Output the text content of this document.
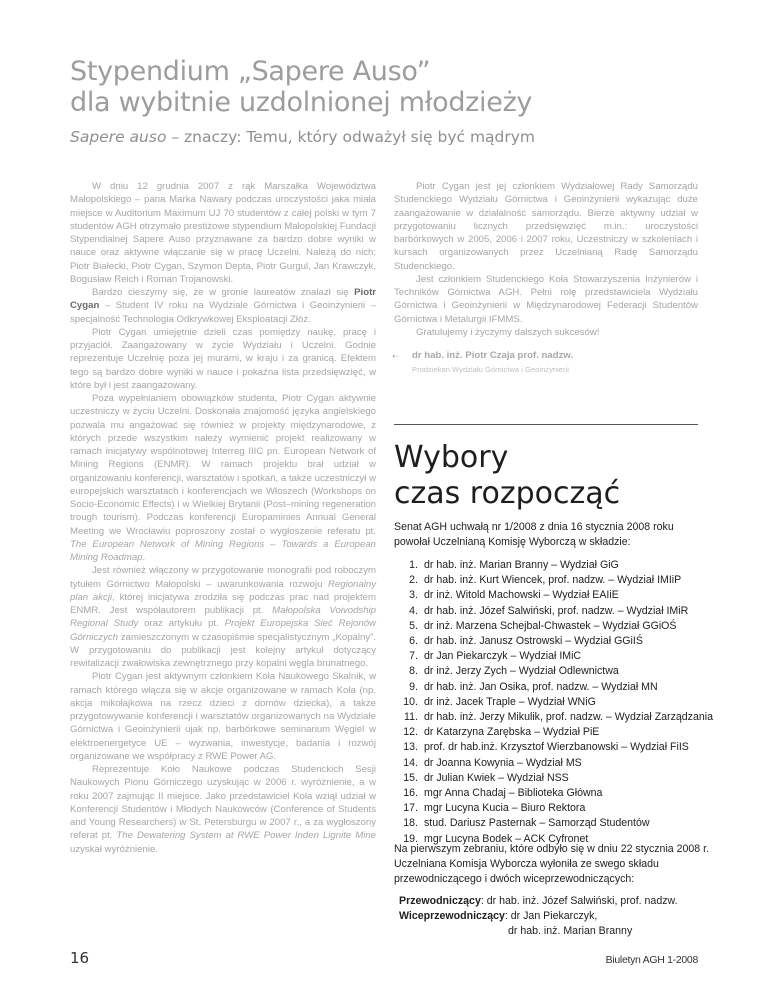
Stypendium „Sapere Auso”
dla wybitnie uzdolnionej młodzieży
Sapere auso – znaczy: Temu, który odważył się być mądrym

W dniu 12 grudnia 2007 z rąk Marszałka Województwa Małopolskiego – pana Marka Nawary podczas uroczystości jaka miała miejsce w Auditorium Maximum UJ 70 studentów z całej polski w tym 7 studentów AGH otrzymało prestiżowe stypendium Małopolskiej Fundacji Stypendialnej Sapere Auso przyznawane za bardzo dobre wyniki w nauce oraz aktywne włączanie się w pracę Uczelni. Należą do nich: Piotr Białecki, Piotr Cygan, Szymon Depta, Piotr Gurgul, Jan Krawczyk, Bogusław Reich i Roman Trojanowski.

Bardzo cieszymy się, że w gronie laureatów znalazł się Piotr Cygan – Student IV roku na Wydziale Górnictwa i Geoinżynierii – specjalność Technologia Odkrywkowej Eksploatacji Złóż.

Piotr Cygan umiejętnie dzieli czas pomiędzy naukę, pracę i przyjaciół. Zaangażowany w życie Wydziału i Uczelni. Godnie reprezentuje Uczelnię poza jej murami, w kraju i za granicą. Efektem tego są bardzo dobre wyniki w nauce i pokaźna lista przedsięwzięć, w które był i jest zaangażowany.

Poza wypełnianiem obowiązków studenta, Piotr Cygan aktywnie uczestniczy w życiu Uczelni. Doskonała znajomość języka angielskiego pozwala mu angażować się również w projekty międzynarodowe, z których przede wszystkim należy wymienić projekt realizowany w ramach inicjatywy wspólnotowej Interreg IIIC pn. European Network of Mining Regions (ENMR). W ramach projektu brał udział w organizowaniu konferencji, warsztatów i spotkań, a także uczestniczył w europejskich warsztatach i konferencjach we Włoszech (Workshops on Socio-Economic Effects) i w Wielkiej Brytanii (Post–mining regeneration trough tourism). Podczas konferencji Europaminies Annual General Meeting we Wrocławiu poproszony został o wygłoszenie referatu pt. The European Network of Mining Regions – Towards a European Mining Roadmap.

Jest również włączony w przygotowanie monografii pod roboczym tytułem Górnictwo Małopolski – uwarunkowania rozwoju Regionalny plan akcji, której inicjatywa zrodziła się podczas prac nad projektem ENMR. Jest współautorem publikacji pt. Małopolska Voivodship Regional Study oraz artykułu pt. Projekt Europejska Sieć Rejonów Górniczych zamieszczonym w czasopiśmie specjalistycznym „Kopalny”. W przygotowaniu do publikacji jest kolejny artykuł dotyczący rewitalizacji zwałowiska zewnętrznego przy kopalni węgla brunatnego.

Piotr Cygan jest aktywnym członkiem Koła Naukowego Skalnik, w ramach którego włącza się w akcje organizowane w ramach Koła (np. akcja mikołajkowa na rzecz dzieci z domów dziecka), a także przygotowywanie konferencji i warsztatów organizowanych na Wydziale Górnictwa i Geoinżynierii ujak np. barbórkowe seminarium Węgiel w elektroenergetyce UE – wyzwania, inwestycje, badania i rozwój organizowane we współpracy z RWE Power AG.

Reprezentuje Koło Naukowe podczas Studenckich Sesji Naukowych Pionu Górniczego uzyskując w 2006 r. wyróżnienie, a w roku 2007 zajmując II miejsce. Jako przedstawiciel Koła wziął udział w Konferencji Studentów i Młodych Naukowców (Conference of Students and Young Researchers) w St. Petersburgu w 2007 r., a za wygłoszony referat pt. The Dewatering System at RWE Power Inden Lignite Mine uzyskał wyróżnienie.

Piotr Cygan jest jej członkiem Wydziałowej Rady Samorządu Studenckiego Wydziału Górnictwa i Geoinżynierii wykazując duże zaangażowanie w działalność samorządu. Bierze aktywny udział w przygotowaniu licznych przedsięwzięć m.in.: uroczystości barbórkowych w 2005, 2006 i 2007 roku, Uczestniczy w szkoleniach i kursach organizowanych przez Uczelnianą Radę Samorządu Studenckiego.

Jest członkiem Studenckiego Koła Stowarzyszenia Inżynierów i Techników Górnictwa AGH. Pełni rolę przedstawiciela Wydziału Górnictwa i Geoinżynierii w Międzynarodowej Federacji Studentów Górnictwa i Metalurgii IFMMS.

Gratulujemy i życzymy dalszych sukcesów!

⇠ dr hab. inż. Piotr Czaja prof. nadzw.
Prodziekan Wydziału Górnictwa i Geoinżynierii
Wybory
czas rozpocząć
Senat AGH uchwałą nr 1/2008 z dnia 16 stycznia 2008 roku powołał Uczelnianą Komisję Wyborczą w składzie:
1. dr hab. inż. Marian Branny – Wydział GiG
2. dr hab. inż. Kurt Wiencek, prof. nadzw. – Wydział IMIiP
3. dr inż. Witold Machowski – Wydział EAIiE
4. dr hab. inż. Józef Salwiński, prof. nadzw. – Wydział IMiR
5. dr inż. Marzena Schejbal-Chwastek – Wydział GGiOŚ
6. dr hab. inż. Janusz Ostrowski – Wydział GGiIŚ
7. dr Jan Piekarczyk – Wydział IMiC
8. dr inż. Jerzy Zych – Wydział Odlewnictwa
9. dr hab. inż. Jan Osika, prof. nadzw. – Wydział MN
10. dr inż. Jacek Traple – Wydział WNiG
11. dr hab. inż. Jerzy Mikulik, prof. nadzw. – Wydział Zarządzania
12. dr Katarzyna Zarębska – Wydział PiE
13. prof. dr hab.inż. Krzysztof Wierzbanowski – Wydział FiIS
14. dr Joanna Kowynia – Wydział MS
15. dr Julian Kwiek – Wydział NSS
16. mgr Anna Chadaj – Biblioteka Główna
17. mgr Lucyna Kucia – Biuro Rektora
18. stud. Dariusz Pasternak – Samorząd Studentów
19. mgr Lucyna Bodek – ACK Cyfronet
Na pierwszym zebraniu, które odbyło się w dniu 22 stycznia 2008 r. Uczelniana Komisja Wyborcza wyłoniła ze swego składu przewodniczącego i dwóch wiceprzewodniczących:
Przewodniczący: dr hab. inż. Józef Salwiński, prof. nadzw.
Wiceprzewodniczący: dr Jan Piekarczyk,
dr hab. inż. Marian Branny
16	Biuletyn AGH 1-2008
